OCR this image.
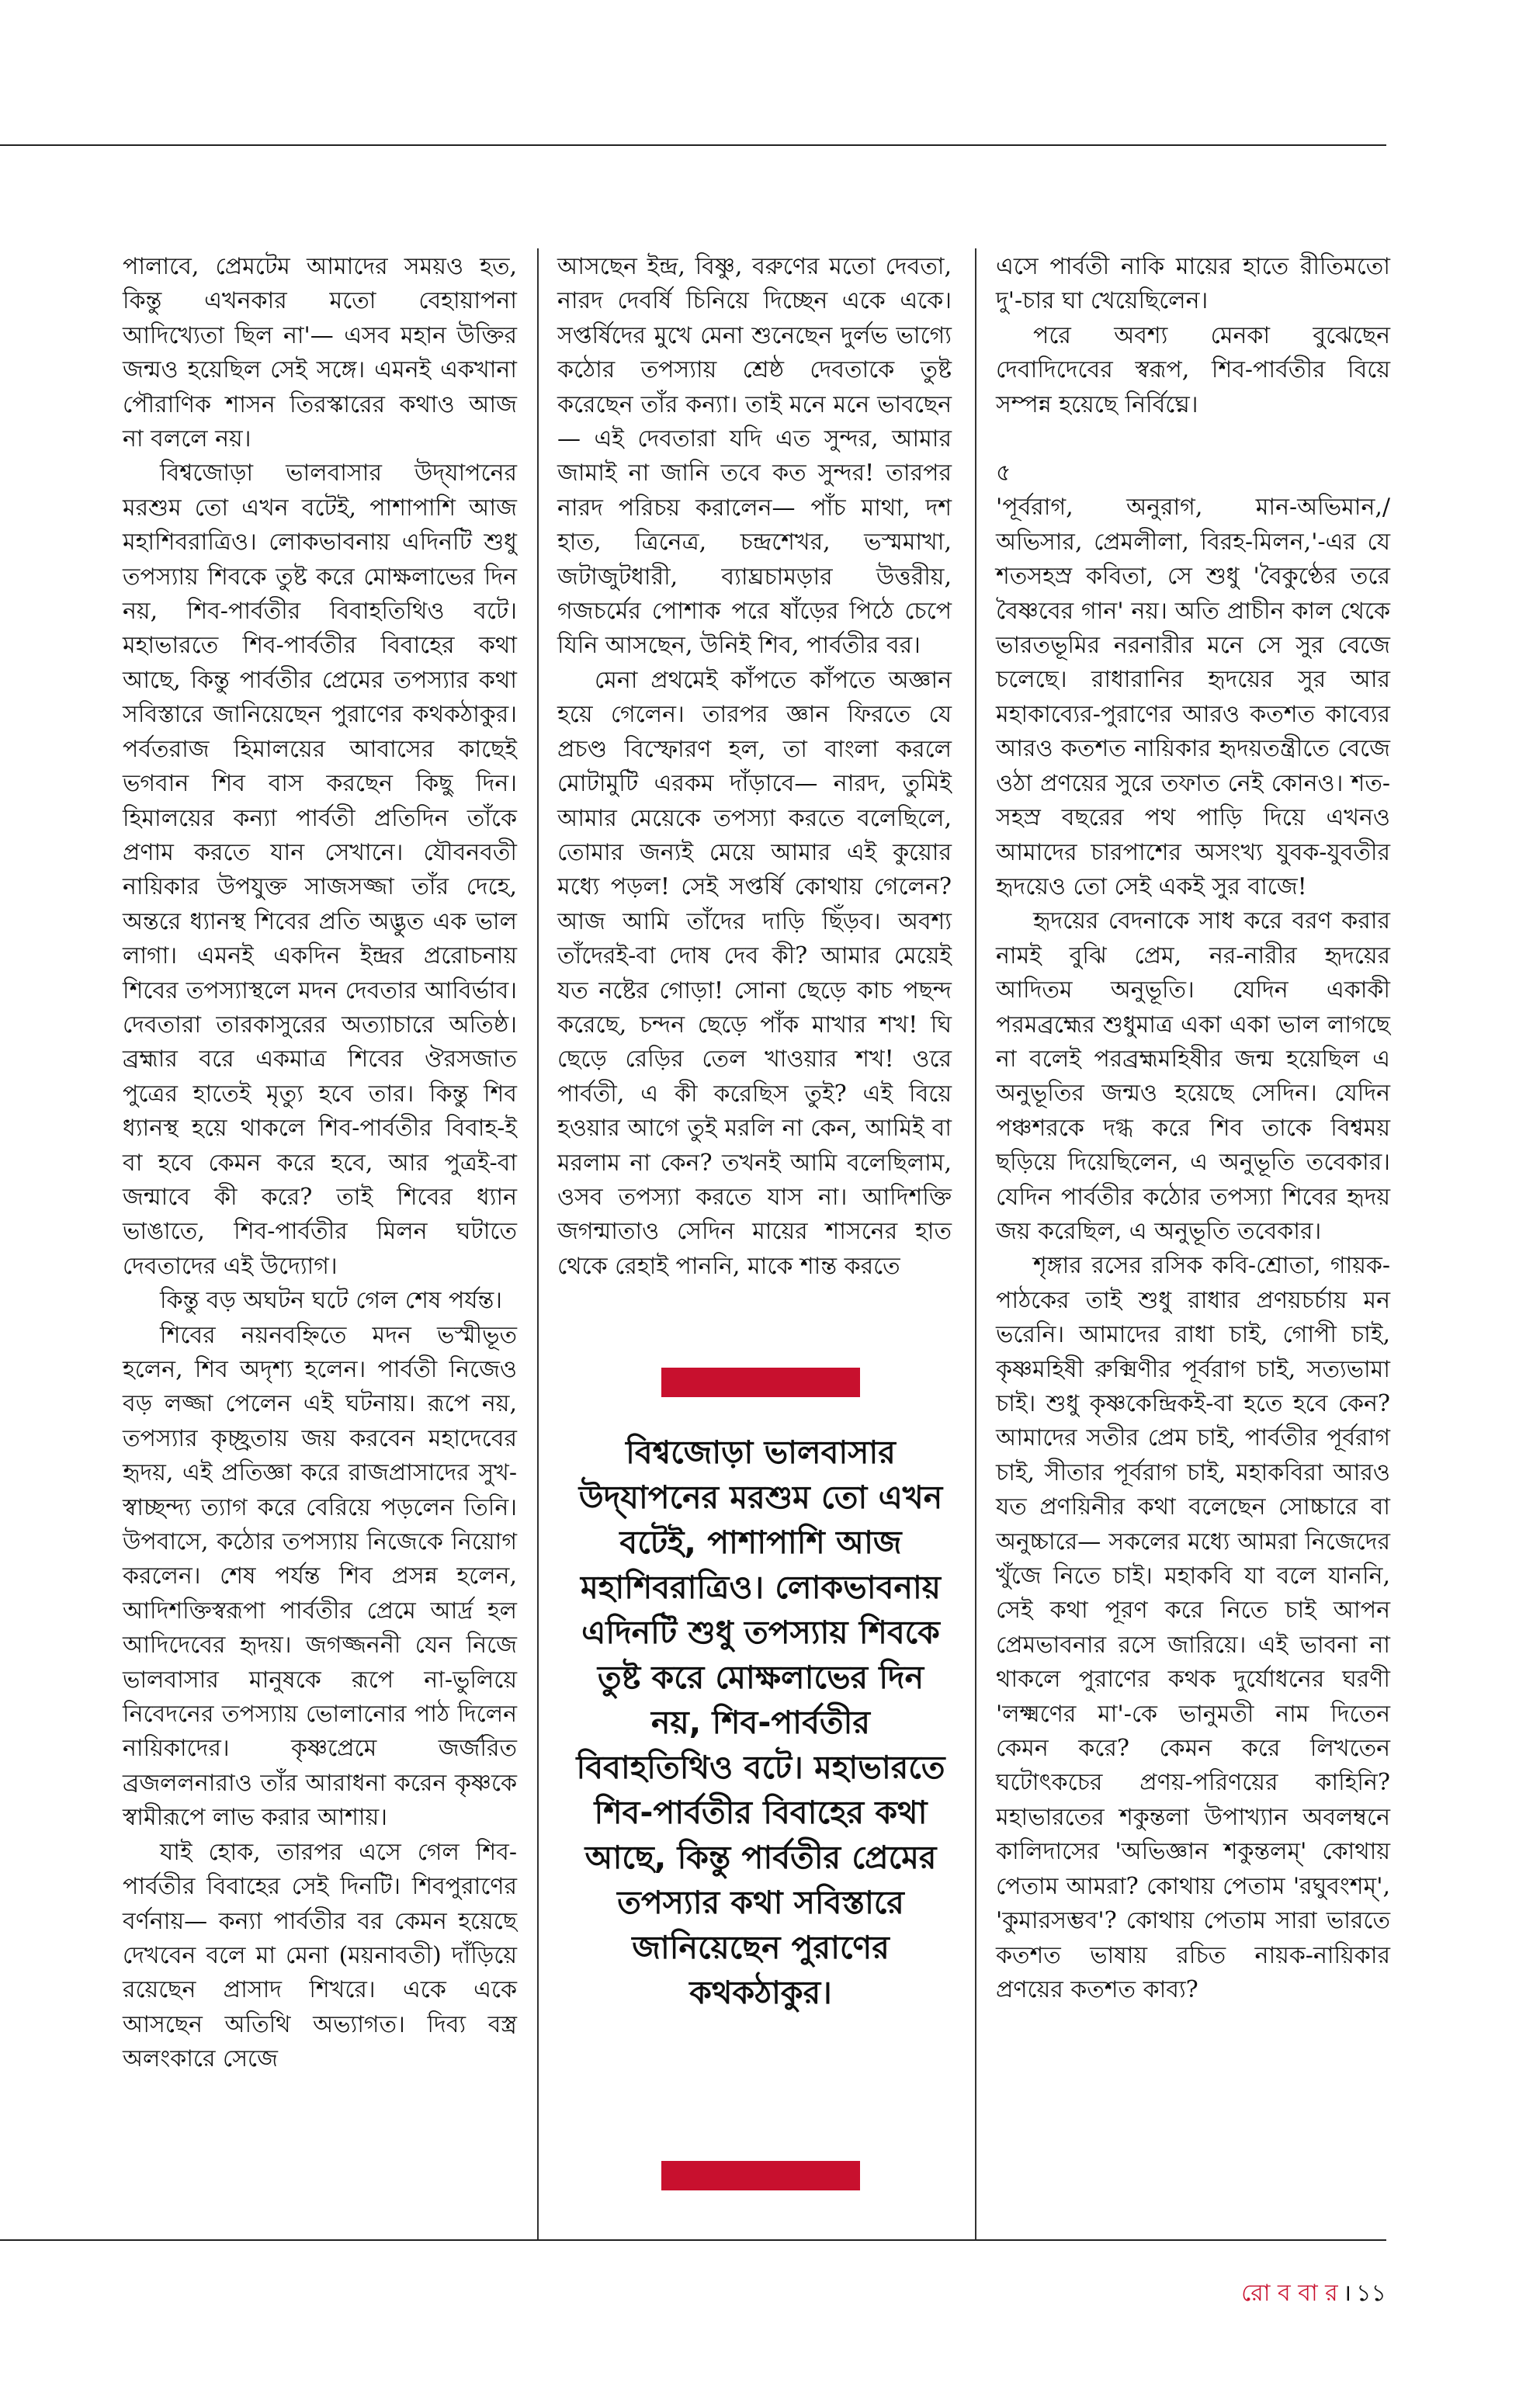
পালাবে, প্রেমটেম আমাদের সময়ও হত, কিন্তু এখনকার মতো বেহায়াপনা আদিখ্যেতা ছিল না'— এসব মহান উক্তির জন্মও হয়েছিল সেই সঙ্গে। এমনই একখানা পৌরাণিক শাসন তিরস্কারের কথাও আজ না বললে নয়।

বিশ্বজোড়া ভালবাসার উদ্‌যাপনের মরশুম তো এখন বটেই, পাশাপাশি আজ মহাশিবরাত্রিও। লোকভাবনায় এদিনটি শুধু তপস্যায় শিবকে তুষ্ট করে মোক্ষলাভের দিন নয়, শিব-পার্বতীর বিবাহতিথিও বটে। মহাভারতে শিব-পার্বতীর বিবাহের কথা আছে, কিন্তু পার্বতীর প্রেমের তপস্যার কথা সবিস্তারে জানিয়েছেন পুরাণের কথকঠাকুর। পর্বতরাজ হিমালয়ের আবাসের কাছেই ভগবান শিব বাস করছেন কিছু দিন। হিমালয়ের কন্যা পার্বতী প্রতিদিন তাঁকে প্রণাম করতে যান সেখানে। যৌবনবতী নায়িকার উপযুক্ত সাজসজ্জা তাঁর দেহে, অন্তরে ধ্যানস্থ শিবের প্রতি অদ্ভুত এক ভাল লাগা। এমনই একদিন ইন্দ্রর প্ররোচনায় শিবের তপস্যাস্থলে মদন দেবতার আবির্ভাব। দেবতারা তারকাসুরের অত্যাচারে অতিষ্ঠ। ব্রহ্মার বরে একমাত্র শিবের ঔরসজাত পুত্রের হাতেই মৃত্যু হবে তার। কিন্তু শিব ধ্যানস্থ হয়ে থাকলে শিব-পার্বতীর বিবাহ-ই বা হবে কেমন করে হবে, আর পুত্রই-বা জন্মাবে কী করে? তাই শিবের ধ্যান ভাঙাতে, শিব-পার্বতীর মিলন ঘটাতে দেবতাদের এই উদ্যোগ।

কিন্তু বড় অঘটন ঘটে গেল শেষ পর্যন্ত।

শিবের নয়নবহ্নিতে মদন ভস্মীভূত হলেন, শিব অদৃশ্য হলেন। পার্বতী নিজেও বড় লজ্জা পেলেন এই ঘটনায়। রূপে নয়, তপস্যার কৃচ্ছ্রতায় জয় করবেন মহাদেবের হৃদয়, এই প্রতিজ্ঞা করে রাজপ্রাসাদের সুখ-স্বাচ্ছন্দ্য ত্যাগ করে বেরিয়ে পড়লেন তিনি। উপবাসে, কঠোর তপস্যায় নিজেকে নিয়োগ করলেন। শেষ পর্যন্ত শিব প্রসন্ন হলেন, আদিশক্তিস্বরূপা পার্বতীর প্রেমে আর্দ্র হল আদিদেবের হৃদয়। জগজ্জননী যেন নিজে ভালবাসার মানুষকে রূপে না-ভুলিয়ে নিবেদনের তপস্যায় ভোলানোর পাঠ দিলেন নায়িকাদের। কৃষ্ণপ্রেমে জর্জরিত ব্রজললনারাও তাঁর আরাধনা করেন কৃষ্ণকে স্বামীরূপে লাভ করার আশায়।

যাই হোক, তারপর এসে গেল শিব-পার্বতীর বিবাহের সেই দিনটি। শিবপুরাণের বর্ণনায়— কন্যা পার্বতীর বর কেমন হয়েছে দেখবেন বলে মা মেনা (ময়নাবতী) দাঁড়িয়ে রয়েছেন প্রাসাদ শিখরে। একে একে আসছেন অতিথি অভ্যাগত। দিব্য বস্ত্র অলংকারে সেজে

আসছেন ইন্দ্র, বিষ্ণু, বরুণের মতো দেবতা, নারদ দেবর্ষি চিনিয়ে দিচ্ছেন একে একে। সপ্তর্ষিদের মুখে মেনা শুনেছেন দুর্লভ ভাগ্যে কঠোর তপস্যায় শ্রেষ্ঠ দেবতাকে তুষ্ট করেছেন তাঁর কন্যা। তাই মনে মনে ভাবছেন— এই দেবতারা যদি এত সুন্দর, আমার জামাই না জানি তবে কত সুন্দর! তারপর নারদ পরিচয় করালেন— পাঁচ মাথা, দশ হাত, ত্রিনেত্র, চন্দ্রশেখর, ভস্মমাখা, জটাজুটধারী, ব্যাঘ্রচামড়ার উত্তরীয়, গজচর্মের পোশাক পরে ষাঁড়ের পিঠে চেপে যিনি আসছেন, উনিই শিব, পার্বতীর বর।

মেনা প্রথমেই কাঁপতে কাঁপতে অজ্ঞান হয়ে গেলেন। তারপর জ্ঞান ফিরতে যে প্রচণ্ড বিস্ফোরণ হল, তা বাংলা করলে মোটামুটি এরকম দাঁড়াবে— নারদ, তুমিই আমার মেয়েকে তপস্যা করতে বলেছিলে, তোমার জন্যই মেয়ে আমার এই কুয়োর মধ্যে পড়ল! সেই সপ্তর্ষি কোথায় গেলেন? আজ আমি তাঁদের দাড়ি ছিঁড়ব। অবশ্য তাঁদেরই-বা দোষ দেব কী? আমার মেয়েই যত নষ্টের গোড়া! সোনা ছেড়ে কাচ পছন্দ করেছে, চন্দন ছেড়ে পাঁক মাখার শখ! ঘি ছেড়ে রেড়ির তেল খাওয়ার শখ! ওরে পার্বতী, এ কী করেছিস তুই? এই বিয়ে হওয়ার আগে তুই মরলি না কেন, আমিই বা মরলাম না কেন? তখনই আমি বলেছিলাম, ওসব তপস্যা করতে যাস না। আদিশক্তি জগন্মাতাও সেদিন মায়ের শাসনের হাত থেকে রেহাই পাননি, মাকে শান্ত করতে

বিশ্বজোড়া ভালবাসার উদ্‌যাপনের মরশুম তো এখন বটেই, পাশাপাশি আজ মহাশিবরাত্রিও। লোকভাবনায় এদিনটি শুধু তপস্যায় শিবকে তুষ্ট করে মোক্ষলাভের দিন নয়, শিব-পার্বতীর বিবাহতিথিও বটে। মহাভারতে শিব-পার্বতীর বিবাহের কথা আছে, কিন্তু পার্বতীর প্রেমের তপস্যার কথা সবিস্তারে জানিয়েছেন পুরাণের কথকঠাকুর।

এসে পার্বতী নাকি মায়ের হাতে রীতিমতো দু'-চার ঘা খেয়েছিলেন।

পরে অবশ্য মেনকা বুঝেছেন দেবাদিদেবের স্বরূপ, শিব-পার্বতীর বিয়ে সম্পন্ন হয়েছে নির্বিঘ্নে।

৫

'পূর্বরাগ, অনুরাগ, মান-অভিমান,/ অভিসার, প্রেমলীলা, বিরহ-মিলন,'-এর যে শতসহস্র কবিতা, সে শুধু 'বৈকুণ্ঠের তরে বৈষ্ণবের গান' নয়। অতি প্রাচীন কাল থেকে ভারতভূমির নরনারীর মনে সে সুর বেজে চলেছে। রাধারানির হৃদয়ের সুর আর মহাকাব্যের-পুরাণের আরও কতশত কাব্যের আরও কতশত নায়িকার হৃদয়তন্ত্রীতে বেজে ওঠা প্রণয়ের সুরে তফাত নেই কোনও। শত-সহস্র বছরের পথ পাড়ি দিয়ে এখনও আমাদের চারপাশের অসংখ্য যুবক-যুবতীর হৃদয়েও তো সেই একই সুর বাজে!

হৃদয়ের বেদনাকে সাধ করে বরণ করার নামই বুঝি প্রেম, নর-নারীর হৃদয়ের আদিতম অনুভূতি। যেদিন একাকী পরমব্রহ্মের শুধুমাত্র একা একা ভাল লাগছে না বলেই পরব্রহ্মমহিষীর জন্ম হয়েছিল এ অনুভূতির জন্মও হয়েছে সেদিন। যেদিন পঞ্চশরকে দগ্ধ করে শিব তাকে বিশ্বময় ছড়িয়ে দিয়েছিলেন, এ অনুভূতি তবেকার। যেদিন পার্বতীর কঠোর তপস্যা শিবের হৃদয় জয় করেছিল, এ অনুভূতি তবেকার।

শৃঙ্গার রসের রসিক কবি-শ্রোতা, গায়ক-পাঠকের তাই শুধু রাধার প্রণয়চর্চায় মন ভরেনি। আমাদের রাধা চাই, গোপী চাই, কৃষ্ণমহিষী রুক্মিণীর পূর্বরাগ চাই, সত্যভামা চাই। শুধু কৃষ্ণকেন্দ্রিকই-বা হতে হবে কেন? আমাদের সতীর প্রেম চাই, পার্বতীর পূর্বরাগ চাই, সীতার পূর্বরাগ চাই, মহাকবিরা আরও যত প্রণয়িনীর কথা বলেছেন সোচ্চারে বা অনুচ্চারে— সকলের মধ্যে আমরা নিজেদের খুঁজে নিতে চাই। মহাকবি যা বলে যাননি, সেই কথা পূরণ করে নিতে চাই আপন প্রেমভাবনার রসে জারিয়ে। এই ভাবনা না থাকলে পুরাণের কথক দুর্যোধনের ঘরণী 'লক্ষ্মণের মা'-কে ভানুমতী নাম দিতেন কেমন করে? কেমন করে লিখতেন ঘটোৎকচের প্রণয়-পরিণয়ের কাহিনি? মহাভারতের শকুন্তলা উপাখ্যান অবলম্বনে কালিদাসের 'অভিজ্ঞান শকুন্তলম্' কোথায় পেতাম আমরা? কোথায় পেতাম 'রঘুবংশম্', 'কুমারসম্ভব'? কোথায় পেতাম সারা ভারতে কতশত ভাষায় রচিত নায়ক-নায়িকার প্রণয়ের কতশত কাব্য?

রো ব বা র । ১১
